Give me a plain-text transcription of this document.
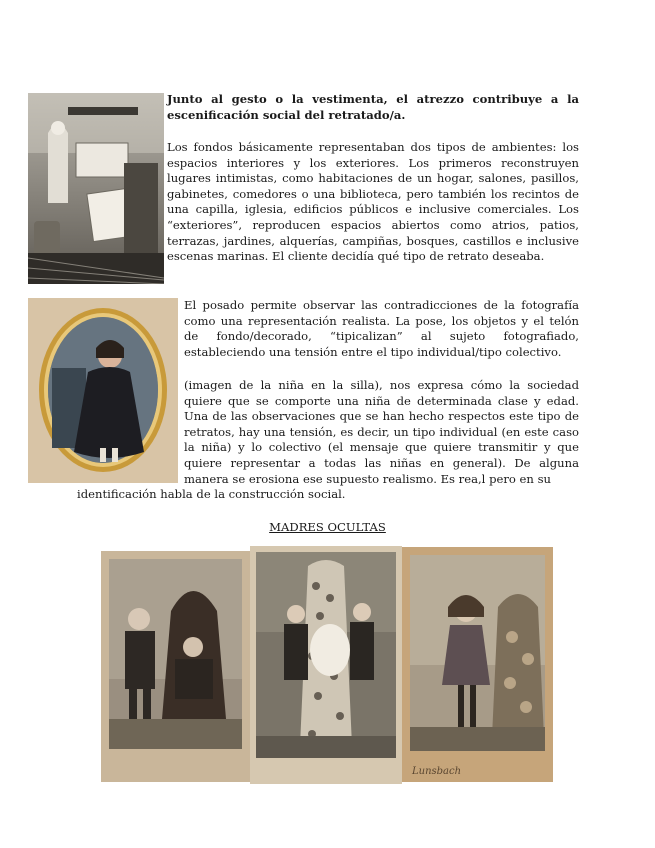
Junto al gesto o la vestimenta, el atrezzo contribuye a la escenificación social del retratado/a.

Los fondos básicamente representaban dos tipos de ambientes: los espacios interiores y los exteriores. Los primeros reconstruyen lugares intimistas, como habitaciones de un hogar, salones, pasillos, gabinetes, comedores o una biblioteca, pero también los recintos de una capilla, iglesia, edificios públicos e inclusive comerciales. Los “exteriores”, reproducen espacios abiertos como atrios, patios, terrazas, jardines, alquerías, campiñas, bosques, castillos e inclusive escenas marinas. El cliente decidía qué tipo de retrato deseaba.

El posado permite observar las contradicciones de la fotografía como una representación realista. La pose, los objetos y el telón de fondo/decorado, “tipicalizan” al sujeto fotografiado, estableciendo una tensión entre el tipo individual/tipo colectivo.

(imagen de la niña en la silla), nos expresa cómo la sociedad quiere que se comporte una niña de determinada clase y edad. Una de las observaciones que se han hecho respectos este tipo de retratos, hay una tensión, es decir, un tipo individual (en este caso la niña) y lo colectivo (el mensaje que quiere transmitir y que quiere representar a todas las niñas en general). De alguna manera se erosiona ese supuesto realismo. Es rea,l pero en su

identificación habla de la construcción social.

MADRES OCULTAS
Lunsbach
